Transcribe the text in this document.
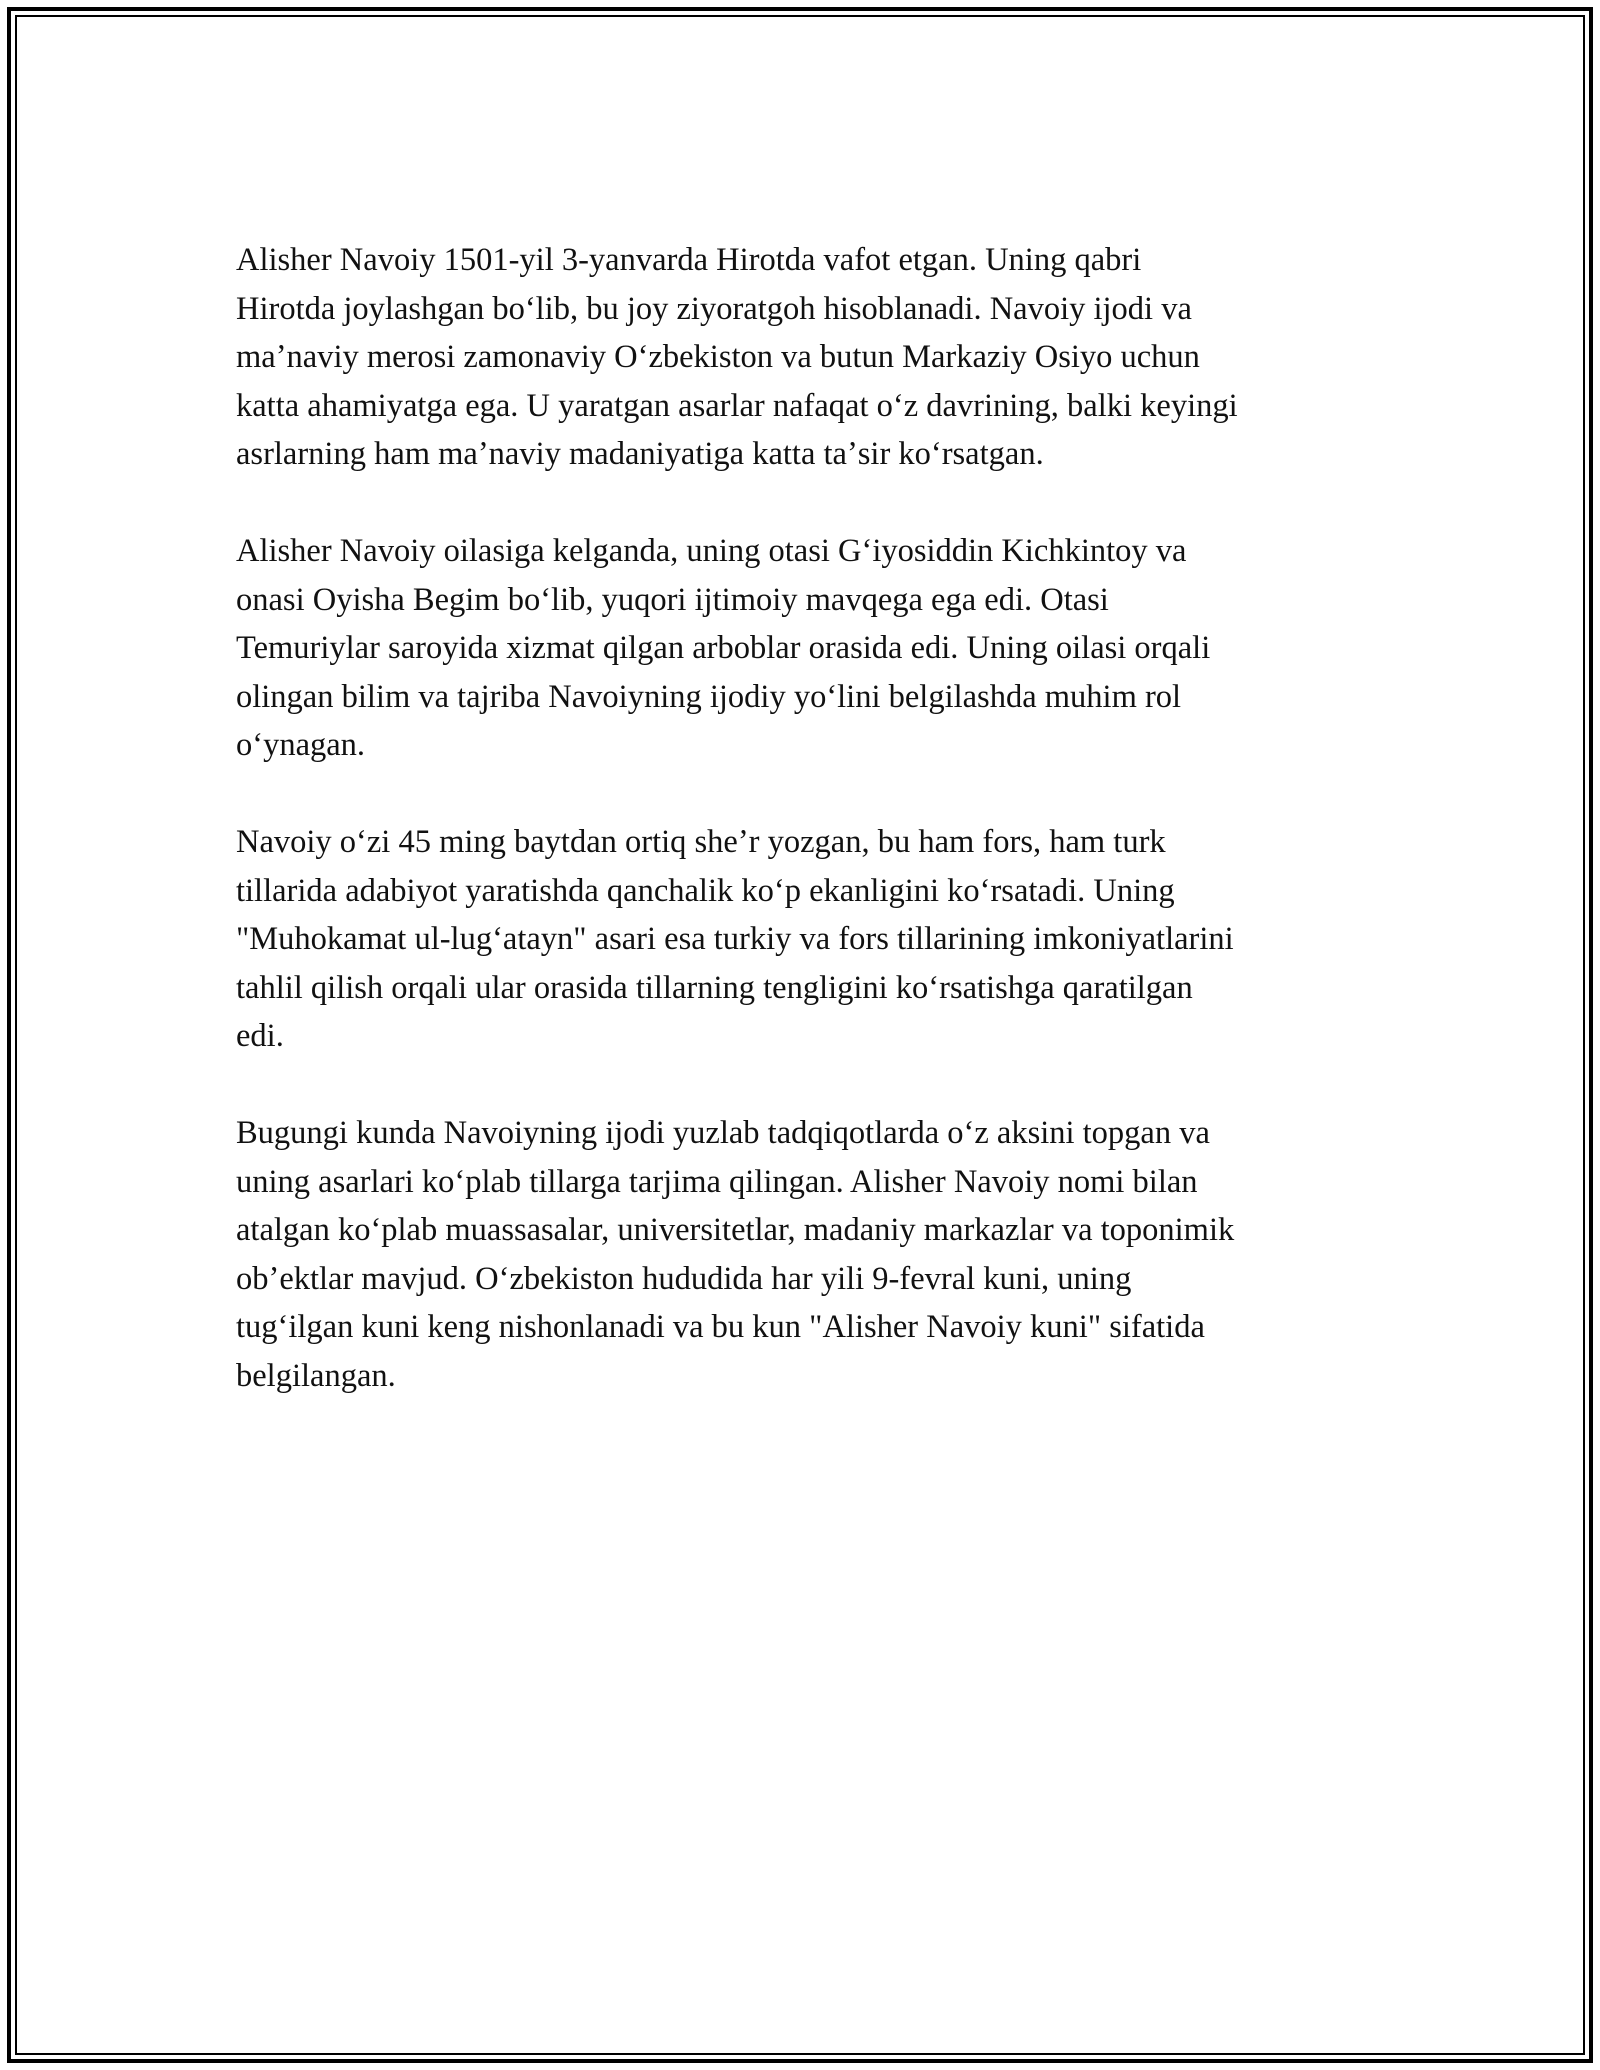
Alisher Navoiy 1501-yil 3-yanvarda Hirotda vafot etgan. Uning qabri
Hirotda joylashgan boʻlib, bu joy ziyoratgoh hisoblanadi. Navoiy ijodi va
maʼnaviy merosi zamonaviy Oʻzbekiston va butun Markaziy Osiyo uchun
katta ahamiyatga ega. U yaratgan asarlar nafaqat oʻz davrining, balki keyingi
asrlarning ham maʼnaviy madaniyatiga katta taʼsir koʻrsatgan.

Alisher Navoiy oilasiga kelganda, uning otasi Gʻiyosiddin Kichkintoy va
onasi Oyisha Begim boʻlib, yuqori ijtimoiy mavqega ega edi. Otasi
Temuriylar saroyida xizmat qilgan arboblar orasida edi. Uning oilasi orqali
olingan bilim va tajriba Navoiyning ijodiy yoʻlini belgilashda muhim rol
oʻynagan.

Navoiy oʻzi 45 ming baytdan ortiq sheʼr yozgan, bu ham fors, ham turk
tillarida adabiyot yaratishda qanchalik koʻp ekanligini koʻrsatadi. Uning
"Muhokamat ul-lugʻatayn" asari esa turkiy va fors tillarining imkoniyatlarini
tahlil qilish orqali ular orasida tillarning tengligini koʻrsatishga qaratilgan
edi.

Bugungi kunda Navoiyning ijodi yuzlab tadqiqotlarda oʻz aksini topgan va
uning asarlari koʻplab tillarga tarjima qilingan. Alisher Navoiy nomi bilan
atalgan koʻplab muassasalar, universitetlar, madaniy markazlar va toponimik
obʼektlar mavjud. Oʻzbekiston hududida har yili 9-fevral kuni, uning
tugʻilgan kuni keng nishonlanadi va bu kun "Alisher Navoiy kuni" sifatida
belgilangan.
